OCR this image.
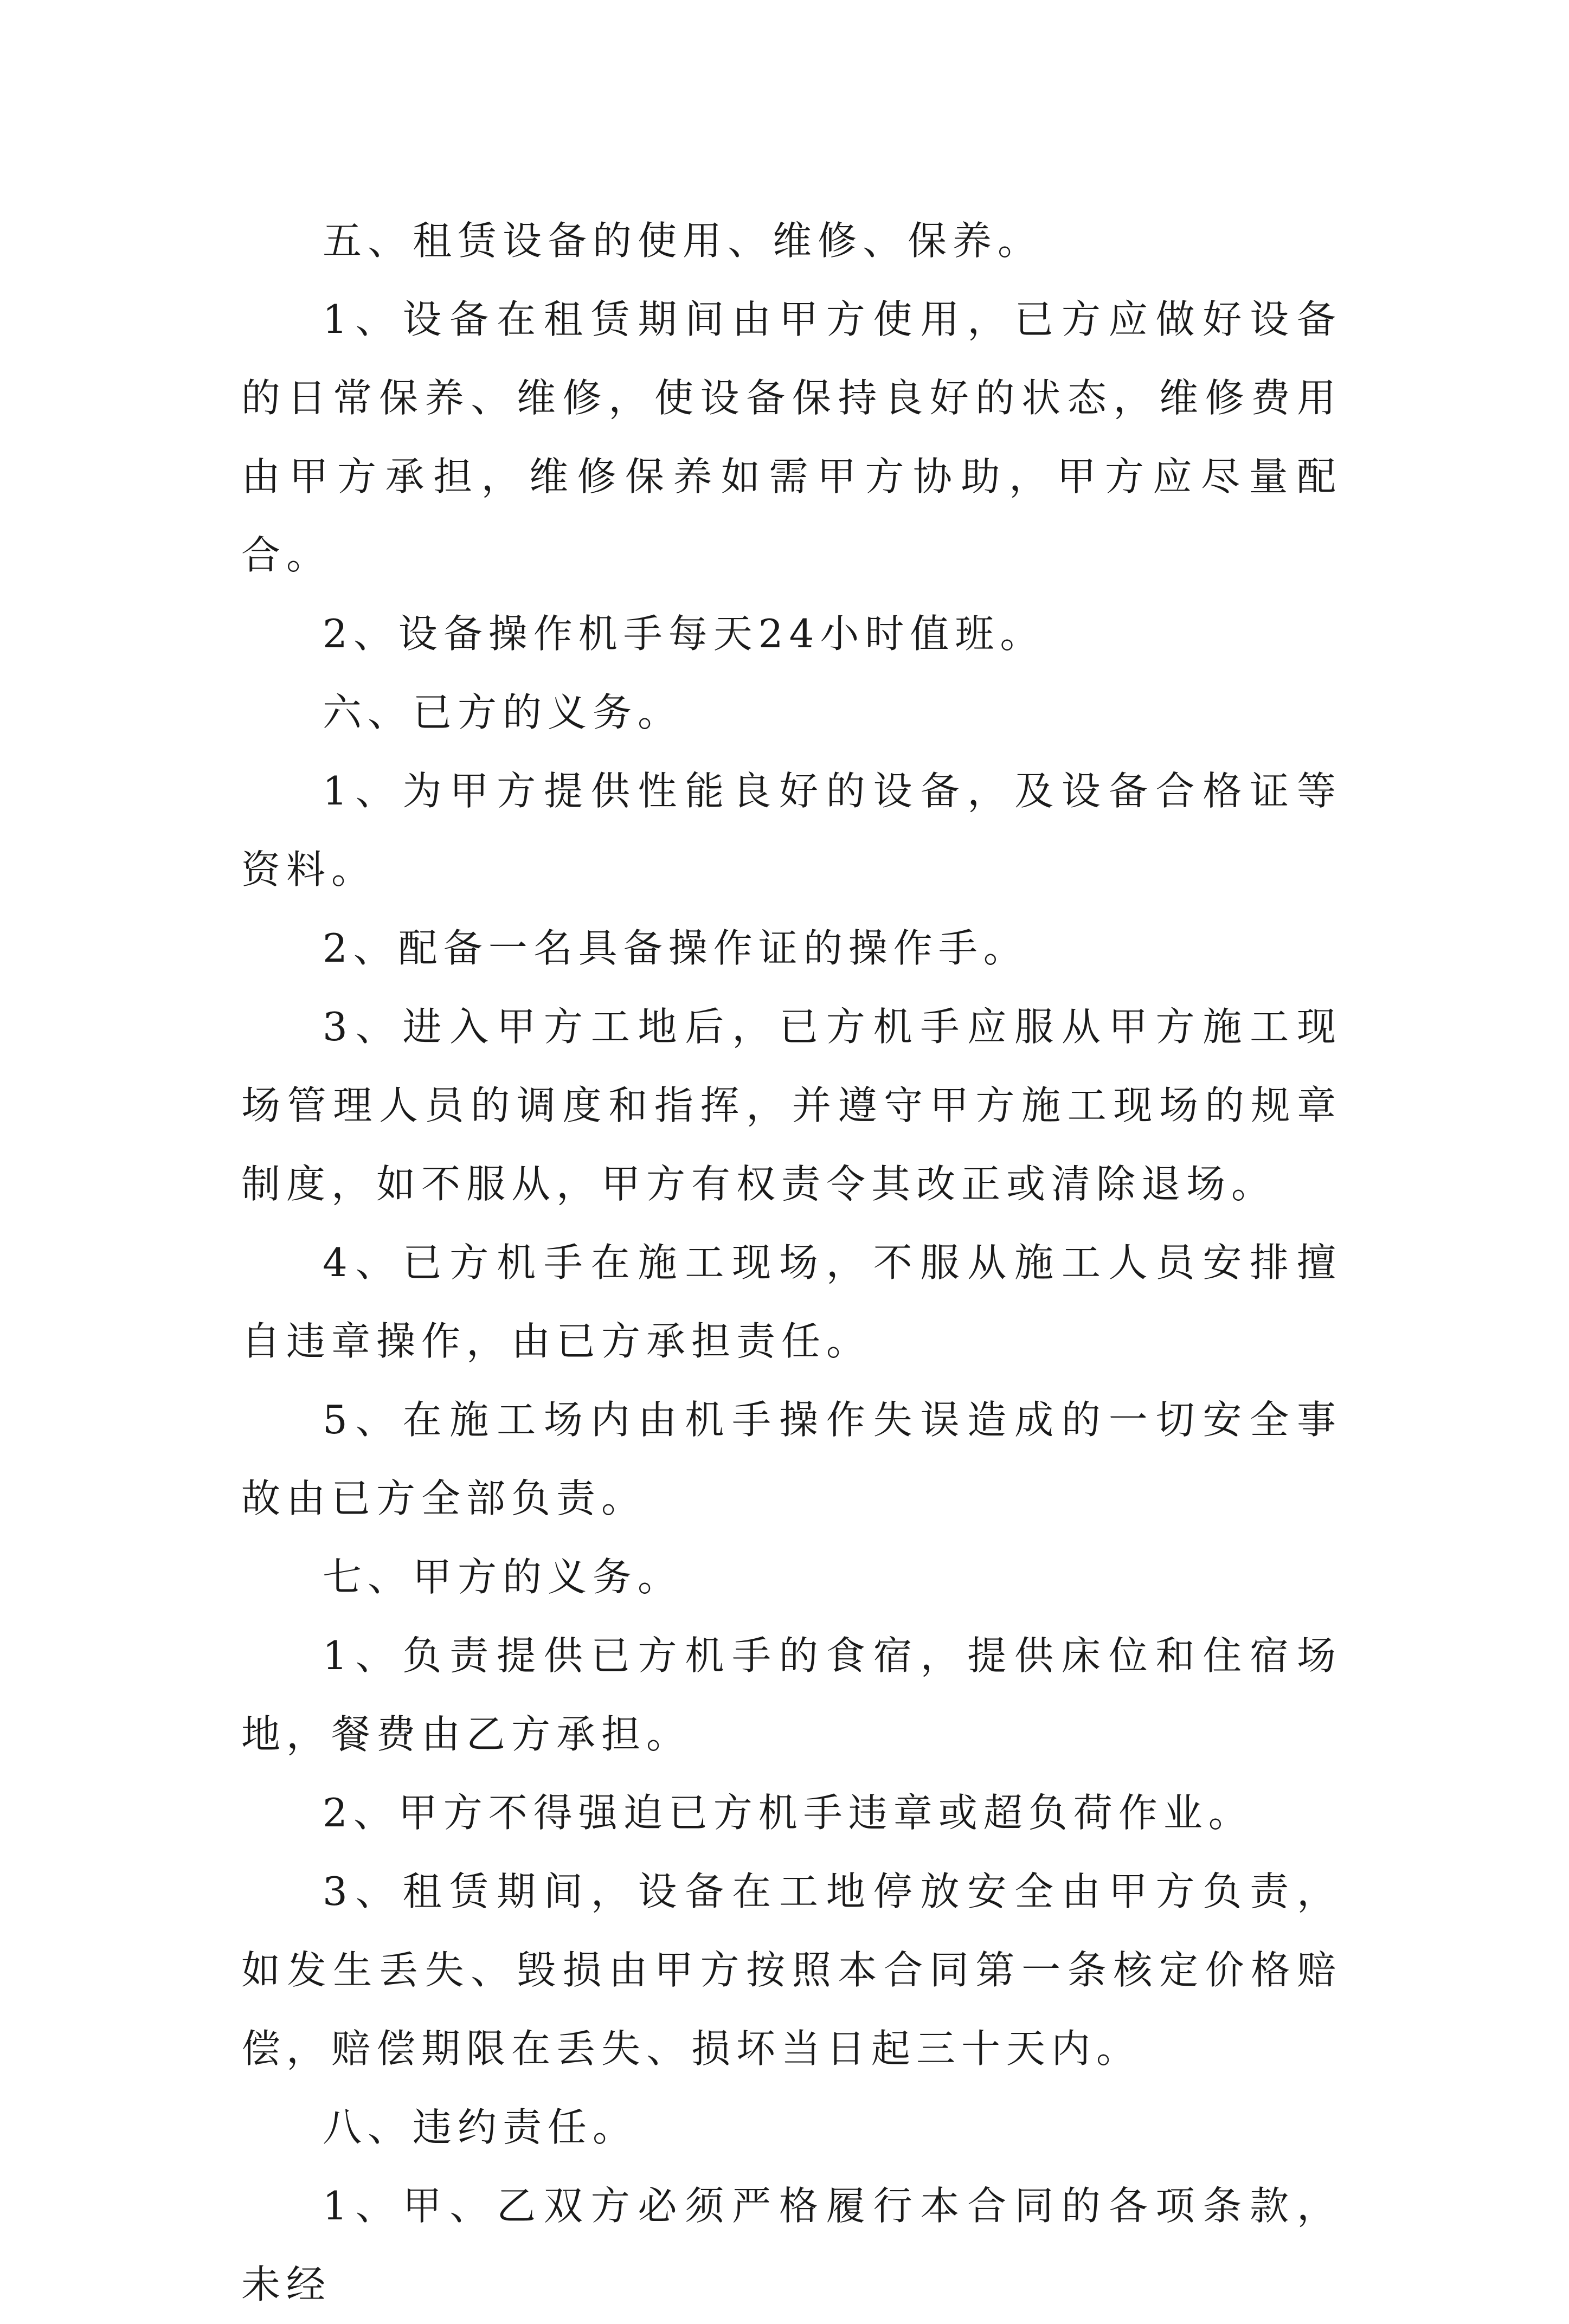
五、租赁设备的使用、维修、保养。

1、设备在租赁期间由甲方使用，已方应做好设备的日常保养、维修，使设备保持良好的状态，维修费用由甲方承担，维修保养如需甲方协助，甲方应尽量配合。

2、设备操作机手每天24小时值班。

六、已方的义务。

1、为甲方提供性能良好的设备，及设备合格证等资料。

2、配备一名具备操作证的操作手。

3、进入甲方工地后，已方机手应服从甲方施工现场管理人员的调度和指挥，并遵守甲方施工现场的规章制度，如不服从，甲方有权责令其改正或清除退场。

4、已方机手在施工现场，不服从施工人员安排擅自违章操作，由已方承担责任。

5、在施工场内由机手操作失误造成的一切安全事故由已方全部负责。

七、甲方的义务。

1、负责提供已方机手的食宿，提供床位和住宿场地，餐费由乙方承担。

2、甲方不得强迫已方机手违章或超负荷作业。

3、租赁期间，设备在工地停放安全由甲方负责，如发生丢失、毁损由甲方按照本合同第一条核定价格赔偿，赔偿期限在丢失、损坏当日起三十天内。

八、违约责任。

1、甲、乙双方必须严格履行本合同的各项条款，未经
